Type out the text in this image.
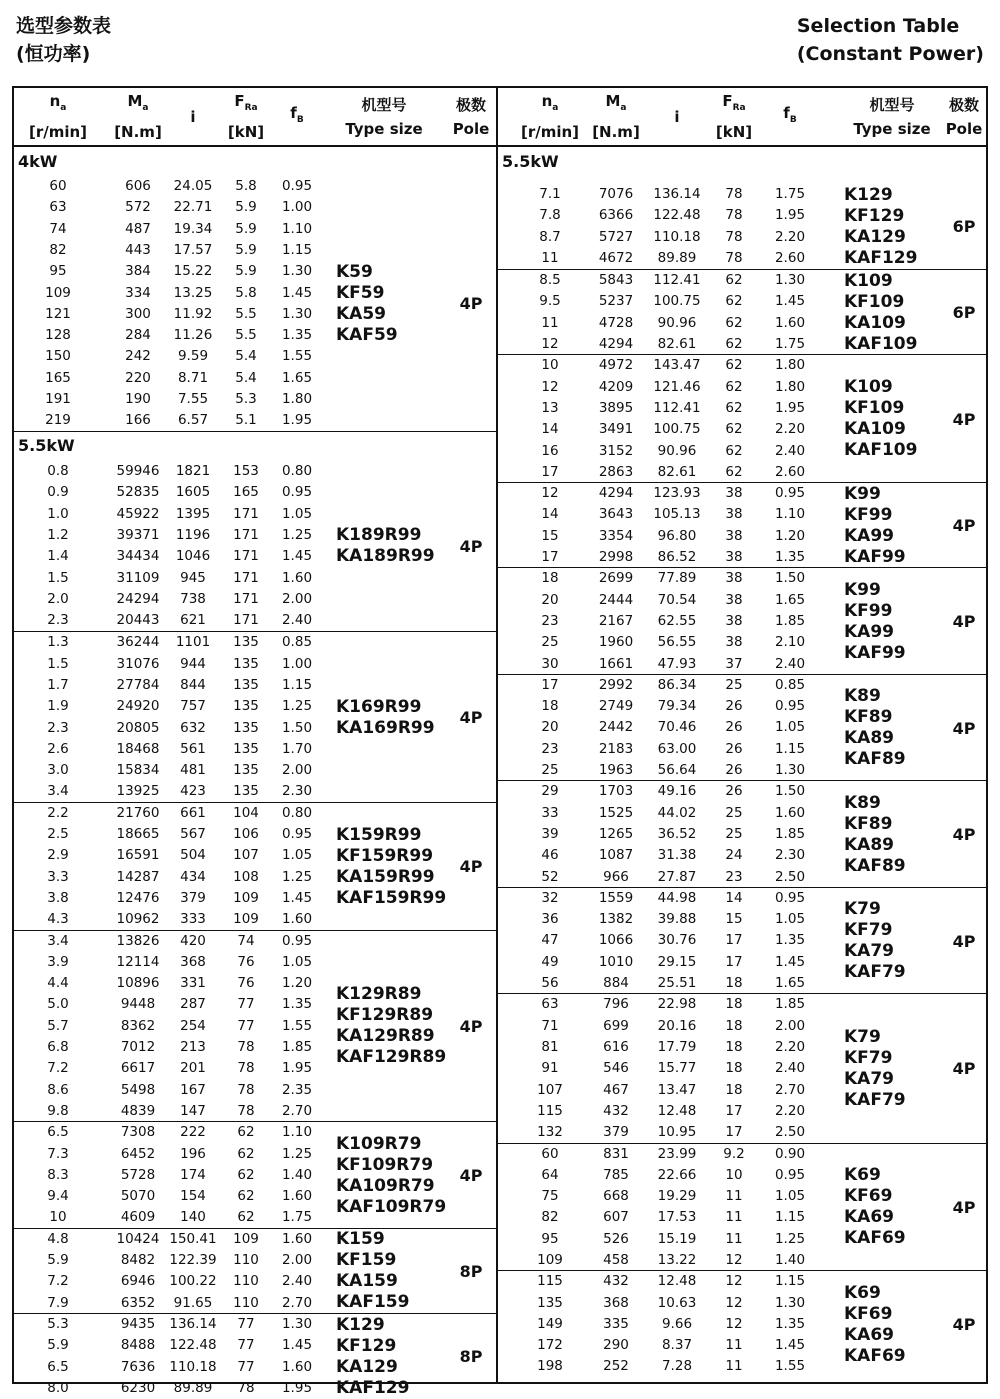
选型参数表
(恒功率)
Selection Table
(Constant Power)
$n_a$
[r/min]
$M_a$
[N.m]
i
$F_{Ra}$
[kN]
$f_B$
机型号
Type size
极数
Pole
4kW
60	606	24.05	5.8	0.95
63	572	22.71	5.9	1.00
74	487	19.34	5.9	1.10
82	443	17.57	5.9	1.15
95	384	15.22	5.9	1.30
109	334	13.25	5.8	1.45
121	300	11.92	5.5	1.30
128	284	11.26	5.5	1.35
150	242	9.59	5.4	1.55
165	220	8.71	5.4	1.65
191	190	7.55	5.3	1.80
219	166	6.57	5.1	1.95
K59
KF59
KA59
KAF59
4P
5.5kW
0.8	59946	1821	153	0.80
0.9	52835	1605	165	0.95
1.0	45922	1395	171	1.05
1.2	39371	1196	171	1.25
1.4	34434	1046	171	1.45
1.5	31109	945	171	1.60
2.0	24294	738	171	2.00
2.3	20443	621	171	2.40
K189R99
KA189R99	4P
1.3	36244	1101	135	0.85
1.5	31076	944	135	1.00
1.7	27784	844	135	1.15
1.9	24920	757	135	1.25
2.3	20805	632	135	1.50
2.6	18468	561	135	1.70
3.0	15834	481	135	2.00
3.4	13925	423	135	2.30
K169R99
KA169R99	4P
2.2	21760	661	104	0.80
2.5	18665	567	106	0.95
2.9	16591	504	107	1.05
3.3	14287	434	108	1.25
3.8	12476	379	109	1.45
4.3	10962	333	109	1.60
K159R99
KF159R99
KA159R99
KAF159R99
4P
3.4	13826	420	74	0.95
3.9	12114	368	76	1.05
4.4	10896	331	76	1.20
5.0	9448	287	77	1.35
5.7	8362	254	77	1.55
6.8	7012	213	78	1.85
7.2	6617	201	78	1.95
8.6	5498	167	78	2.35
9.8	4839	147	78	2.70
K129R89
KF129R89
KA129R89
KAF129R89
4P
6.5	7308	222	62	1.10
7.3	6452	196	62	1.25
8.3	5728	174	62	1.40
9.4	5070	154	62	1.60
10	4609	140	62	1.75
K109R79
KF109R79
KA109R79
KAF109R79
4P
4.8	10424 150.41	109	1.60
5.9	8482	122.39	110	2.00
7.2	6946	100.22	110	2.40
7.9	6352	91.65	110	2.70
K159
KF159
KA159
KAF159
8P
5.3	9435	136.14	77	1.30
5.9	8488	122.48	77	1.45
6.5	7636	110.18	77	1.60
8.0	6230	89.89	78	1.95
K129
KF129
KA129
KAF129
8P
$n_a$
[r/min]
$M_a$
[N.m]
i
$F_{Ra}$
[kN]
$f_B$
机型号
Type size
极数
Pole
5.5kW
7.1	7076	136.14	78	1.75
7.8	6366	122.48	78	1.95
8.7	5727	110.18	78	2.20
11	4672	89.89	78	2.60
K129
KF129
KA129
KAF129
6P
8.5	5843	112.41	62	1.30
9.5	5237	100.75	62	1.45
11	4728	90.96	62	1.60
12	4294	82.61	62	1.75
K109
KF109
KA109
KAF109
6P
10	4972	143.47	62	1.80
12	4209	121.46	62	1.80
13	3895	112.41	62	1.95
14	3491	100.75	62	2.20
16	3152	90.96	62	2.40
17	2863	82.61	62	2.60
K109
KF109
KA109
KAF109
4P
12	4294	123.93	38	0.95
14	3643	105.13	38	1.10
15	3354	96.80	38	1.20
17	2998	86.52	38	1.35
K99
KF99
KA99
KAF99
4P
18	2699	77.89	38	1.50
20	2444	70.54	38	1.65
23	2167	62.55	38	1.85
25	1960	56.55	38	2.10
30	1661	47.93	37	2.40
K99
KF99
KA99
KAF99
4P
17	2992	86.34	25	0.85
18	2749	79.34	26	0.95
20	2442	70.46	26	1.05
23	2183	63.00	26	1.15
25	1963	56.64	26	1.30
K89
KF89
KA89
KAF89
4P
29	1703	49.16	26	1.50
33	1525	44.02	25	1.60
39	1265	36.52	25	1.85
46	1087	31.38	24	2.30
52	966	27.87	23	2.50
K89
KF89
KA89
KAF89
4P
32	1559	44.98	14	0.95
36	1382	39.88	15	1.05
47	1066	30.76	17	1.35
49	1010	29.15	17	1.45
56	884	25.51	18	1.65
K79
KF79
KA79
KAF79
4P
63	796	22.98	18	1.85
71	699	20.16	18	2.00
81	616	17.79	18	2.20
91	546	15.77	18	2.40
107	467	13.47	18	2.70
115	432	12.48	17	2.20
132	379	10.95	17	2.50
K79
KF79
KA79
KAF79
4P
60	831	23.99	9.2	0.90
64	785	22.66	10	0.95
75	668	19.29	11	1.05
82	607	17.53	11	1.15
95	526	15.19	11	1.25
109	458	13.22	12	1.40
K69
KF69
KA69
KAF69
4P
115	432	12.48	12	1.15
135	368	10.63	12	1.30
149	335	9.66	12	1.35
172	290	8.37	11	1.45
198	252	7.28	11	1.55
K69
KF69
KA69
KAF69
4P
